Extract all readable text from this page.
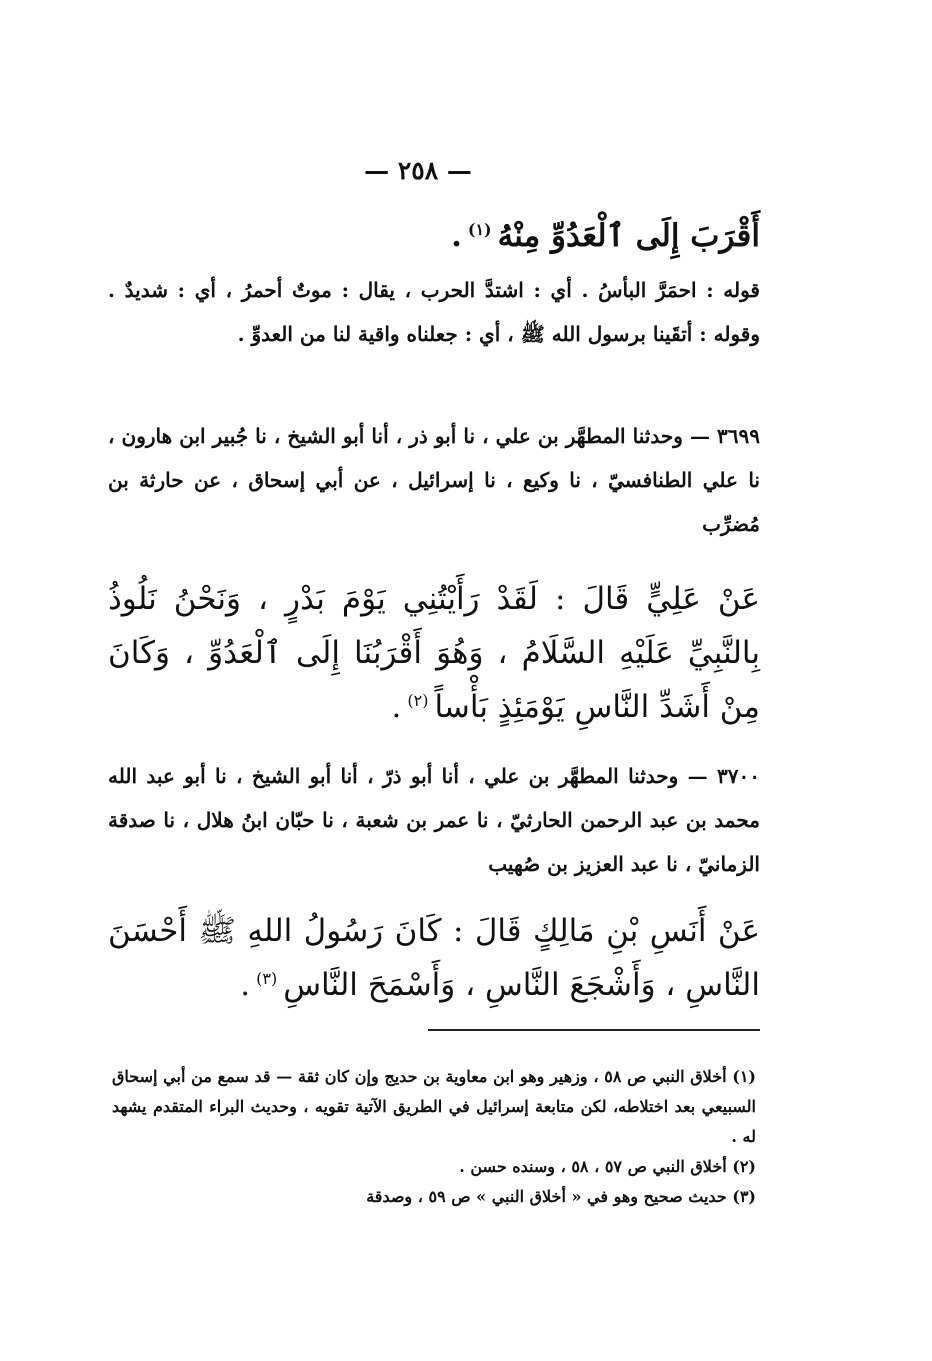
— ٢٥٨ —
أَقْرَبَ إِلَى ٱلْعَدُوِّ مِنْهُ$^{(١)}$.
قوله : احمَرَّ البأسُ . أي : اشتدَّ الحرب ، يقال : موتٌ أحمرُ ، أي : شديدٌ . وقوله : أتقَينا برسول الله ﷺ ، أي : جعلناه واقية لنا من العدوِّ .
٣٦٩٩ — وحدثنا المطهَّر بن علي ، نا أبو ذر ، أنا أبو الشيخ ، نا جُبير ابن هارون ، نا علي الطنافسيّ ، نا وكيع ، نا إسرائيل ، عن أبي إسحاق ، عن حارثة بن مُضرِّب
عَنْ عَلِيٍّ قَالَ : لَقَدْ رَأَيْتُنِي يَوْمَ بَدْرٍ ، وَنَحْنُ نَلُوذُ بِالنَّبِيِّ عَلَيْهِ السَّلَامُ ، وَهُوَ أَقْرَبُنَا إِلَى ٱلْعَدُوِّ ، وَكَانَ مِنْ أَشَدِّ النَّاسِ يَوْمَئِذٍ بَأْساً$^{(٢)}$.
٣٧٠٠ — وحدثنا المطهَّر بن علي ، أنا أبو ذرّ ، أنا أبو الشيخ ، نا أبو عبد الله محمد بن عبد الرحمن الحارثيّ ، نا عمر بن شعبة ، نا حبّان ابنُ هلال ، نا صدقة الزمانيّ ، نا عبد العزيز بن صُهيب
عَنْ أَنَسِ بْنِ مَالِكٍ قَالَ : كَانَ رَسُولُ اللهِ ﷺ أَحْسَنَ النَّاسِ ، وَأَشْجَعَ النَّاسِ ، وَأَسْمَحَ النَّاسِ$^{(٣)}$.

(١) أخلاق النبي ص ٥٨ ، وزهير وهو ابن معاوية بن حديج وإن كان ثقة — قد سمع من أبي إسحاق السبيعي بعد اختلاطه، لكن متابعة إسرائيل في الطريق الآتية تقويه ، وحديث البراء المتقدم يشهد له .

(٢) أخلاق النبي ص ٥٧ ، ٥٨ ، وسنده حسن .

(٣) حديث صحيح وهو في « أخلاق النبي » ص ٥٩ ، وصدقة
